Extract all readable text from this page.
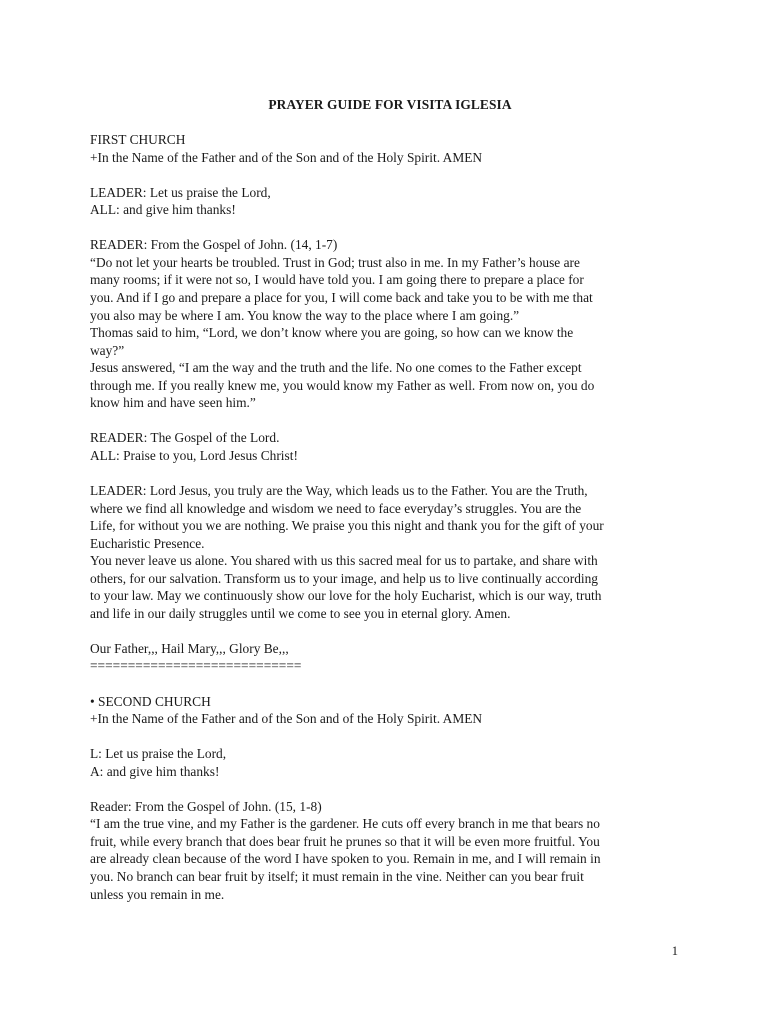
PRAYER GUIDE FOR VISITA IGLESIA
FIRST CHURCH
+In the Name of the Father and of the Son and of the Holy Spirit. AMEN
LEADER: Let us praise the Lord,
ALL: and give him thanks!
READER: From the Gospel of John. (14, 1-7)
“Do not let your hearts be troubled. Trust in God; trust also in me. In my Father’s house are
many rooms; if it were not so, I would have told you. I am going there to prepare a place for
you. And if I go and prepare a place for you, I will come back and take you to be with me that
you also may be where I am. You know the way to the place where I am going.”
Thomas said to him, “Lord, we don’t know where you are going, so how can we know the
way?”
Jesus answered, “I am the way and the truth and the life. No one comes to the Father except
through me. If you really knew me, you would know my Father as well. From now on, you do
know him and have seen him.”
READER: The Gospel of the Lord.
ALL: Praise to you, Lord Jesus Christ!
LEADER: Lord Jesus, you truly are the Way, which leads us to the Father. You are the Truth,
where we find all knowledge and wisdom we need to face everyday’s struggles. You are the
Life, for without you we are nothing. We praise you this night and thank you for the gift of your
Eucharistic Presence.
You never leave us alone. You shared with us this sacred meal for us to partake, and share with
others, for our salvation. Transform us to your image, and help us to live continually according
to your law. May we continuously show our love for the holy Eucharist, which is our way, truth
and life in our daily struggles until we come to see you in eternal glory. Amen.
Our Father,,, Hail Mary,,, Glory Be,,,
============================
• SECOND CHURCH
+In the Name of the Father and of the Son and of the Holy Spirit. AMEN
L: Let us praise the Lord,
A: and give him thanks!
Reader: From the Gospel of John. (15, 1-8)
“I am the true vine, and my Father is the gardener. He cuts off every branch in me that bears no
fruit, while every branch that does bear fruit he prunes so that it will be even more fruitful. You
are already clean because of the word I have spoken to you. Remain in me, and I will remain in
you. No branch can bear fruit by itself; it must remain in the vine. Neither can you bear fruit
unless you remain in me.
1
